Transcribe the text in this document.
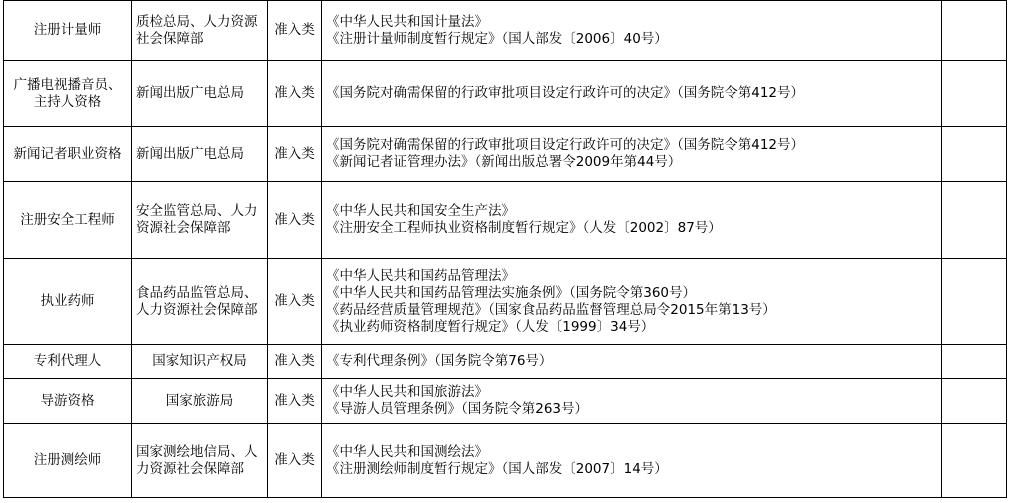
注册计量师	质检总局、人力资源社会保障部	准入类	《中华人民共和国计量法》
《注册计量师制度暂行规定》（国人部发〔2006〕40号）	

广播电视播音员、主持人资格	新闻出版广电总局	准入类	《国务院对确需保留的行政审批项目设定行政许可的决定》（国务院令第412号）	

新闻记者职业资格	新闻出版广电总局	准入类	《国务院对确需保留的行政审批项目设定行政许可的决定》（国务院令第412号）
《新闻记者证管理办法》（新闻出版总署令2009年第44号）	

注册安全工程师	安全监管总局、人力资源社会保障部	准入类	《中华人民共和国安全生产法》
《注册安全工程师执业资格制度暂行规定》（人发〔2002〕87号）	

执业药师	食品药品监管总局、人力资源社会保障部	准入类	《中华人民共和国药品管理法》
《中华人民共和国药品管理法实施条例》（国务院令第360号）
《药品经营质量管理规范》（国家食品药品监督管理总局令2015年第13号）
《执业药师资格制度暂行规定》（人发〔1999〕34号）	

专利代理人	国家知识产权局	准入类	《专利代理条例》（国务院令第76号）	

导游资格	国家旅游局	准入类	《中华人民共和国旅游法》
《导游人员管理条例》（国务院令第263号）	

注册测绘师	国家测绘地信局、人力资源社会保障部	准入类	《中华人民共和国测绘法》
《注册测绘师制度暂行规定》（国人部发〔2007〕14号）	
